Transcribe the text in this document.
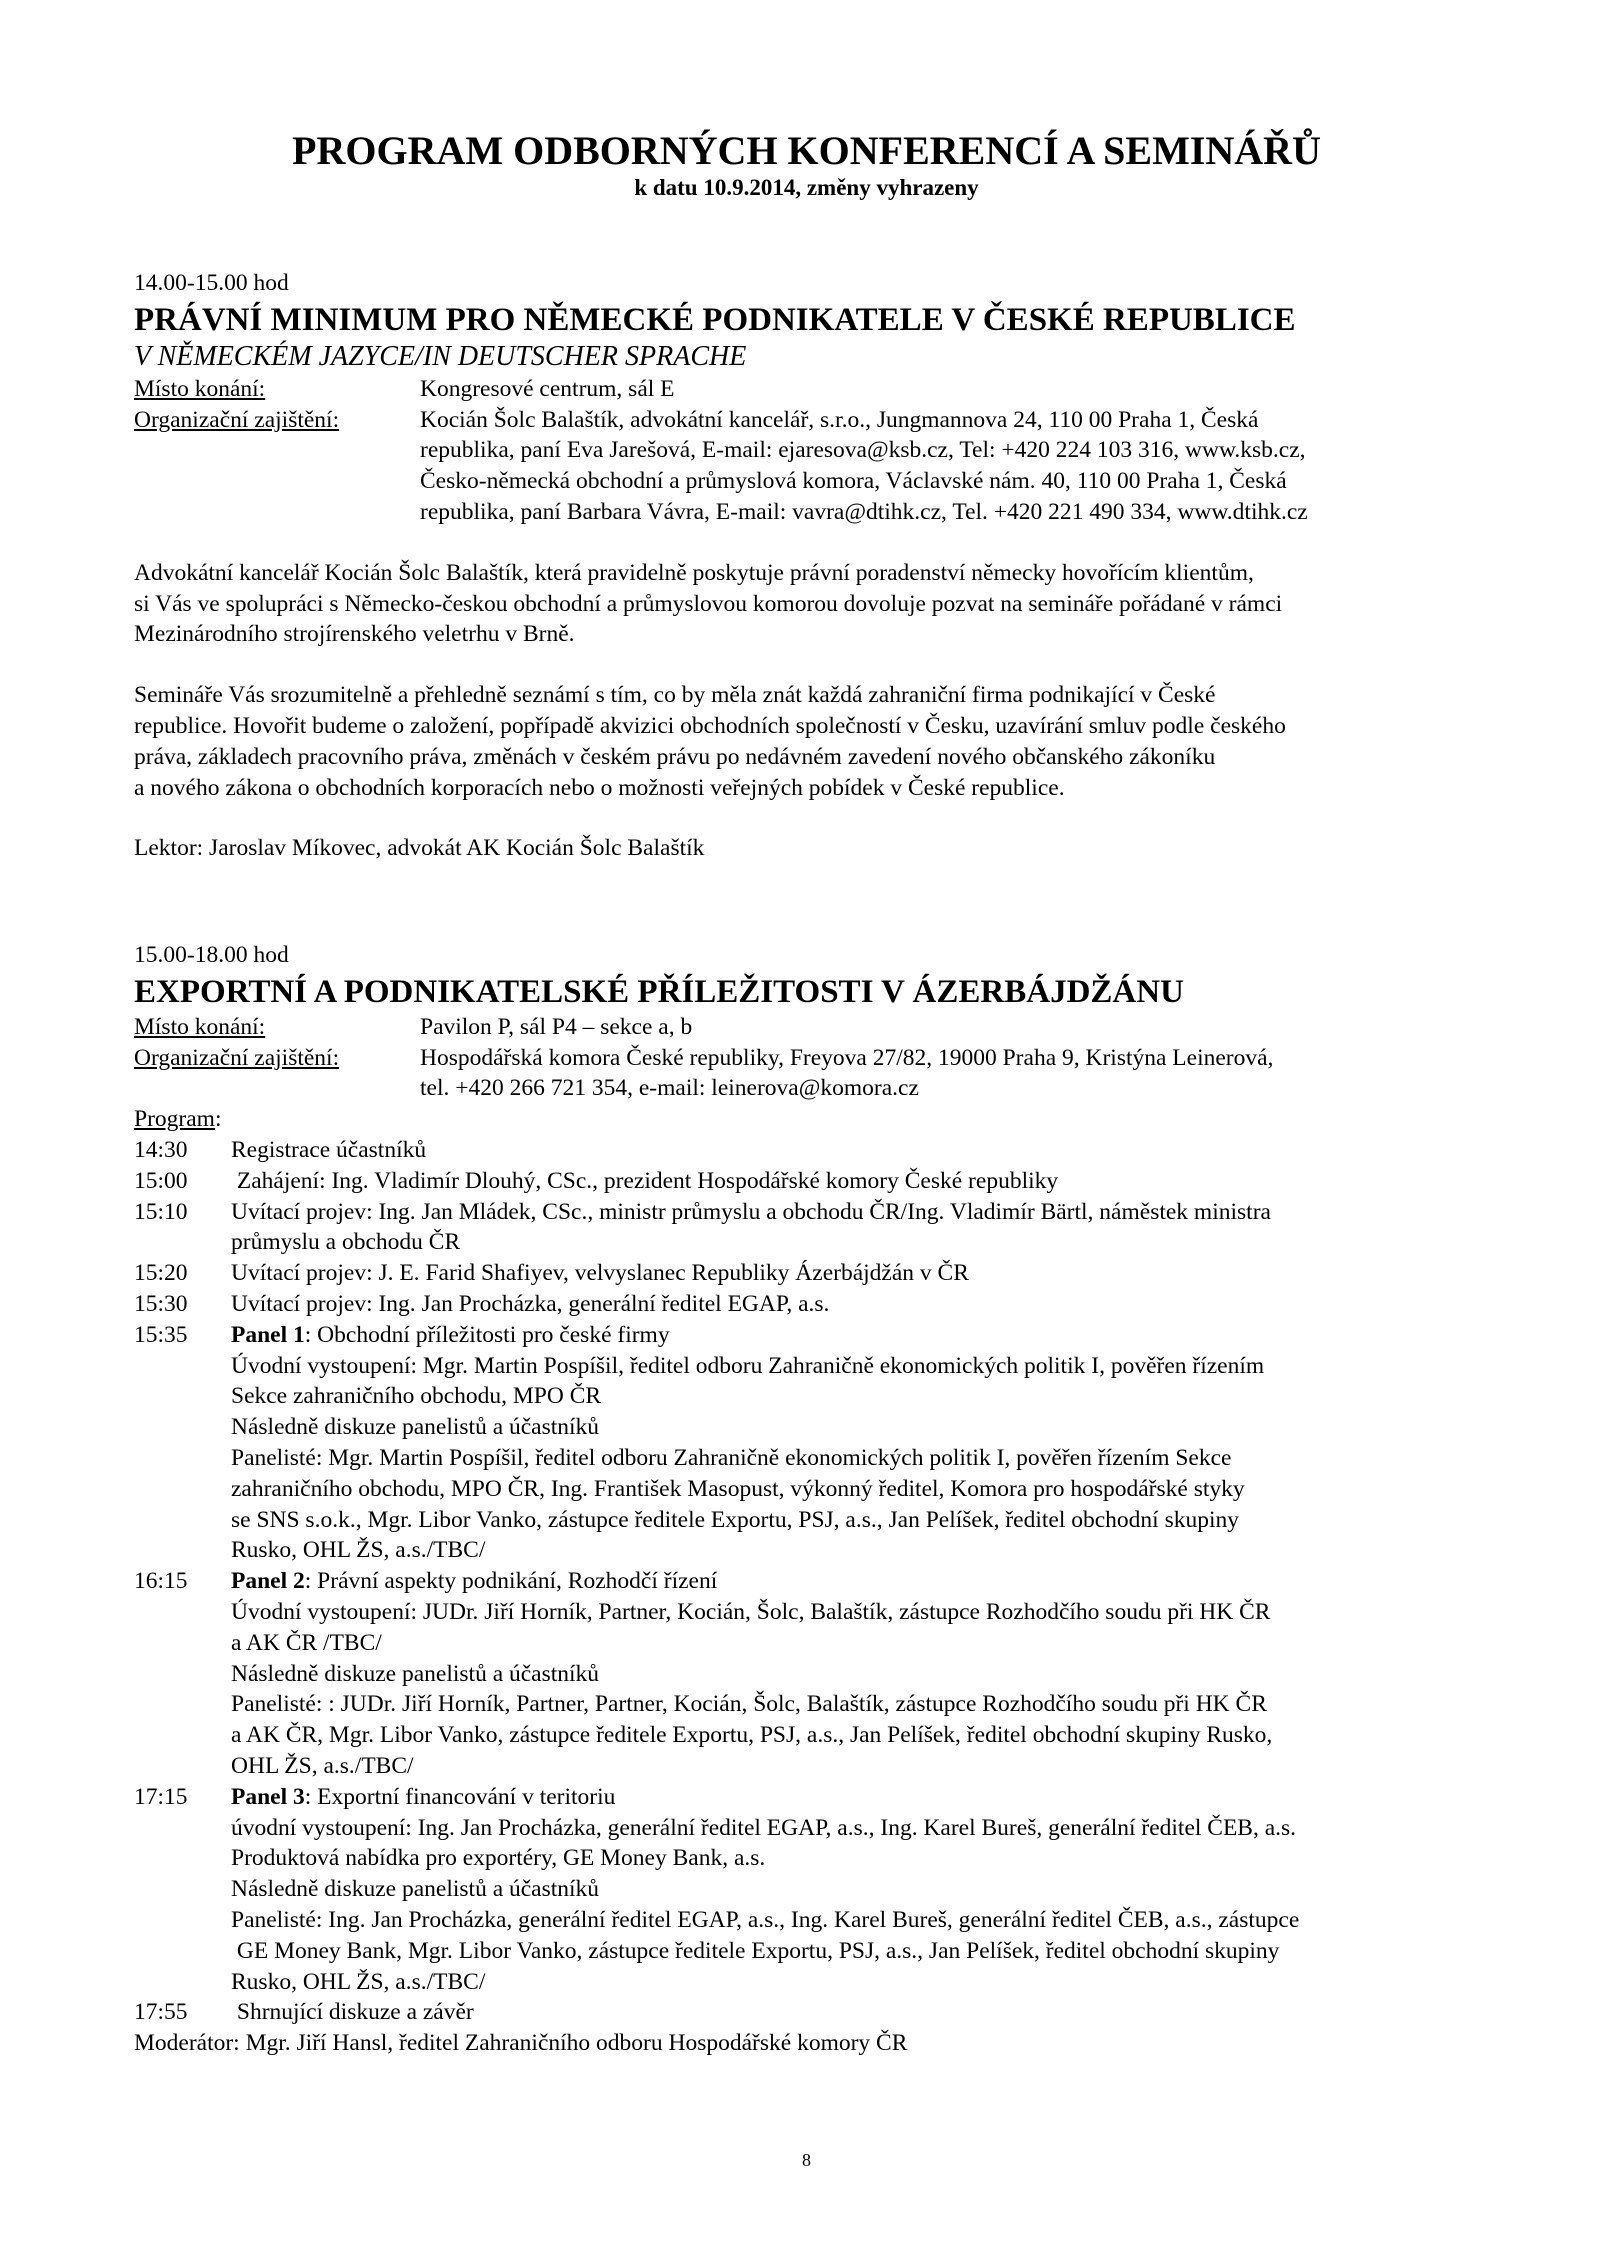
PROGRAM ODBORNÝCH KONFERENCÍ A SEMINÁŘŮ
k datu 10.9.2014, změny vyhrazeny
14.00-15.00 hod
PRÁVNÍ MINIMUM PRO NĚMECKÉ PODNIKATELE V ČESKÉ REPUBLICE
V NĚMECKÉM JAZYCE/IN DEUTSCHER SPRACHE
Místo konání:	Kongresové centrum, sál E
Organizační zajištění:	Kocián Šolc Balaštík, advokátní kancelář, s.r.o., Jungmannova 24, 110 00 Praha 1, Česká
republika, paní Eva Jarešová, E-mail: ejaresova@ksb.cz, Tel: +420 224 103 316, www.ksb.cz,
Česko-německá obchodní a průmyslová komora, Václavské nám. 40, 110 00 Praha 1, Česká
republika, paní Barbara Vávra, E-mail: vavra@dtihk.cz, Tel. +420 221 490 334, www.dtihk.cz
Advokátní kancelář Kocián Šolc Balaštík, která pravidelně poskytuje právní poradenství německy hovořícím klientům,
si Vás ve spolupráci s Německo-českou obchodní a průmyslovou komorou dovoluje pozvat na semináře pořádané v rámci
Mezinárodního strojírenského veletrhu v Brně.
Semináře Vás srozumitelně a přehledně seznámí s tím, co by měla znát každá zahraniční firma podnikající v České
republice. Hovořit budeme o založení, popřípadě akvizici obchodních společností v Česku, uzavírání smluv podle českého
práva, základech pracovního práva, změnách v českém právu po nedávném zavedení nového občanského zákoníku
a nového zákona o obchodních korporacích nebo o možnosti veřejných pobídek v České republice.
Lektor: Jaroslav Míkovec, advokát AK Kocián Šolc Balaštík
15.00-18.00 hod
EXPORTNÍ A PODNIKATELSKÉ PŘÍLEŽITOSTI V ÁZERBÁJDŽÁNU
Místo konání:	Pavilon P, sál P4 – sekce a, b
Organizační zajištění:	Hospodářská komora České republiky, Freyova 27/82, 19000 Praha 9, Kristýna Leinerová,
tel. +420 266 721 354, e-mail: leinerova@komora.cz
Program:
14:30	Registrace účastníků
15:00	Zahájení: Ing. Vladimír Dlouhý, CSc., prezident Hospodářské komory České republiky
15:10	Uvítací projev: Ing. Jan Mládek, CSc., ministr průmyslu a obchodu ČR/Ing. Vladimír Bärtl, náměstek ministra
průmyslu a obchodu ČR
15:20	Uvítací projev: J. E. Farid Shafiyev, velvyslanec Republiky Ázerbájdžán v ČR
15:30	Uvítací projev: Ing. Jan Procházka, generální ředitel EGAP, a.s.
15:35	Panel 1: Obchodní příležitosti pro české firmy
Úvodní vystoupení: Mgr. Martin Pospíšil, ředitel odboru Zahraničně ekonomických politik I, pověřen řízením
Sekce zahraničního obchodu, MPO ČR
Následně diskuze panelistů a účastníků
Panelisté: Mgr. Martin Pospíšil, ředitel odboru Zahraničně ekonomických politik I, pověřen řízením Sekce
zahraničního obchodu, MPO ČR, Ing. František Masopust, výkonný ředitel, Komora pro hospodářské styky
se SNS s.o.k., Mgr. Libor Vanko, zástupce ředitele Exportu, PSJ, a.s., Jan Pelíšek, ředitel obchodní skupiny
Rusko, OHL ŽS, a.s./TBC/
16:15	Panel 2: Právní aspekty podnikání, Rozhodčí řízení
Úvodní vystoupení: JUDr. Jiří Horník, Partner, Kocián, Šolc, Balaštík, zástupce Rozhodčího soudu při HK ČR
a AK ČR /TBC/
Následně diskuze panelistů a účastníků
Panelisté: : JUDr. Jiří Horník, Partner, Partner, Kocián, Šolc, Balaštík, zástupce Rozhodčího soudu při HK ČR
a AK ČR, Mgr. Libor Vanko, zástupce ředitele Exportu, PSJ, a.s., Jan Pelíšek, ředitel obchodní skupiny Rusko,
OHL ŽS, a.s./TBC/
17:15	Panel 3: Exportní financování v teritoriu
úvodní vystoupení: Ing. Jan Procházka, generální ředitel EGAP, a.s., Ing. Karel Bureš, generální ředitel ČEB, a.s.
Produktová nabídka pro exportéry, GE Money Bank, a.s.
Následně diskuze panelistů a účastníků
Panelisté: Ing. Jan Procházka, generální ředitel EGAP, a.s., Ing. Karel Bureš, generální ředitel ČEB, a.s., zástupce
GE Money Bank, Mgr. Libor Vanko, zástupce ředitele Exportu, PSJ, a.s., Jan Pelíšek, ředitel obchodní skupiny
Rusko, OHL ŽS, a.s./TBC/
17:55	Shrnující diskuze a závěr
Moderátor: Mgr. Jiří Hansl, ředitel Zahraničního odboru Hospodářské komory ČR
8
